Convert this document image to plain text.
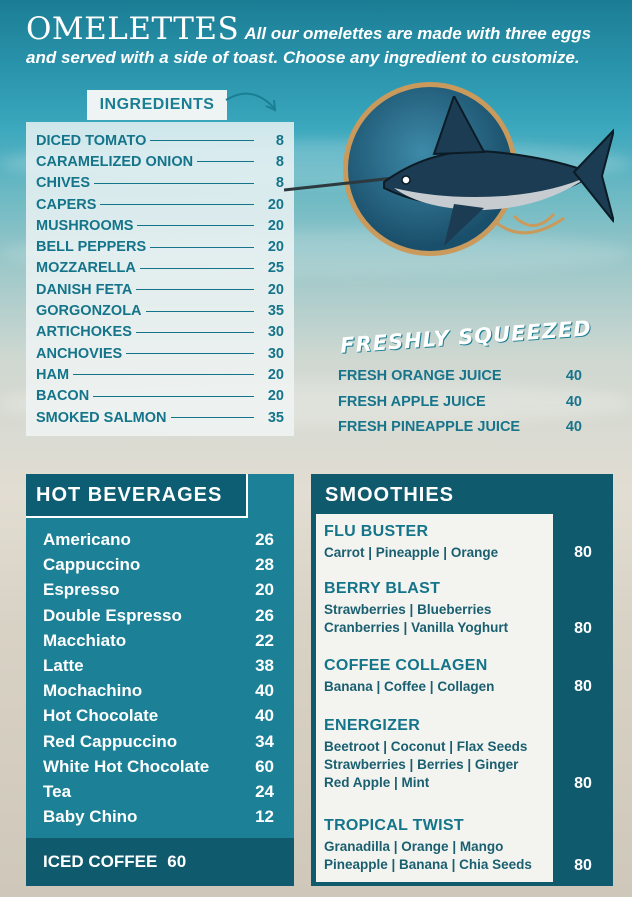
OMELETTES All our omelettes are made with three eggs
and served with a side of toast. Choose any ingredient to customize.
INGREDIENTS
DICED TOMATO	8
CARAMELIZED ONION	8
CHIVES	8
CAPERS	20
MUSHROOMS	20
BELL PEPPERS	20
MOZZARELLA	25
DANISH FETA	20
GORGONZOLA	35
ARTICHOKES	30
ANCHOVIES	30
HAM	20
BACON	20
SMOKED SALMON	35
FRESHLY SQUEEZED
FRESH ORANGE JUICE	40
FRESH APPLE JUICE	40
FRESH PINEAPPLE JUICE	40
HOT BEVERAGES
Americano	26
Cappuccino	28
Espresso	20
Double Espresso	26
Macchiato	22
Latte	38
Mochachino	40
Hot Chocolate	40
Red Cappuccino	34
White Hot Chocolate	60
Tea	24
Baby Chino	12
ICED COFFEE 60
SMOOTHIES
FLU BUSTER
Carrot | Pineapple | Orange	80
BERRY BLAST
Strawberries | Blueberries
Cranberries | Vanilla Yoghurt	80
COFFEE COLLAGEN
Banana | Coffee | Collagen	80
ENERGIZER
Beetroot | Coconut | Flax Seeds
Strawberries | Berries | Ginger
Red Apple | Mint	80
TROPICAL TWIST
Granadilla | Orange | Mango
Pineapple | Banana | Chia Seeds	80
